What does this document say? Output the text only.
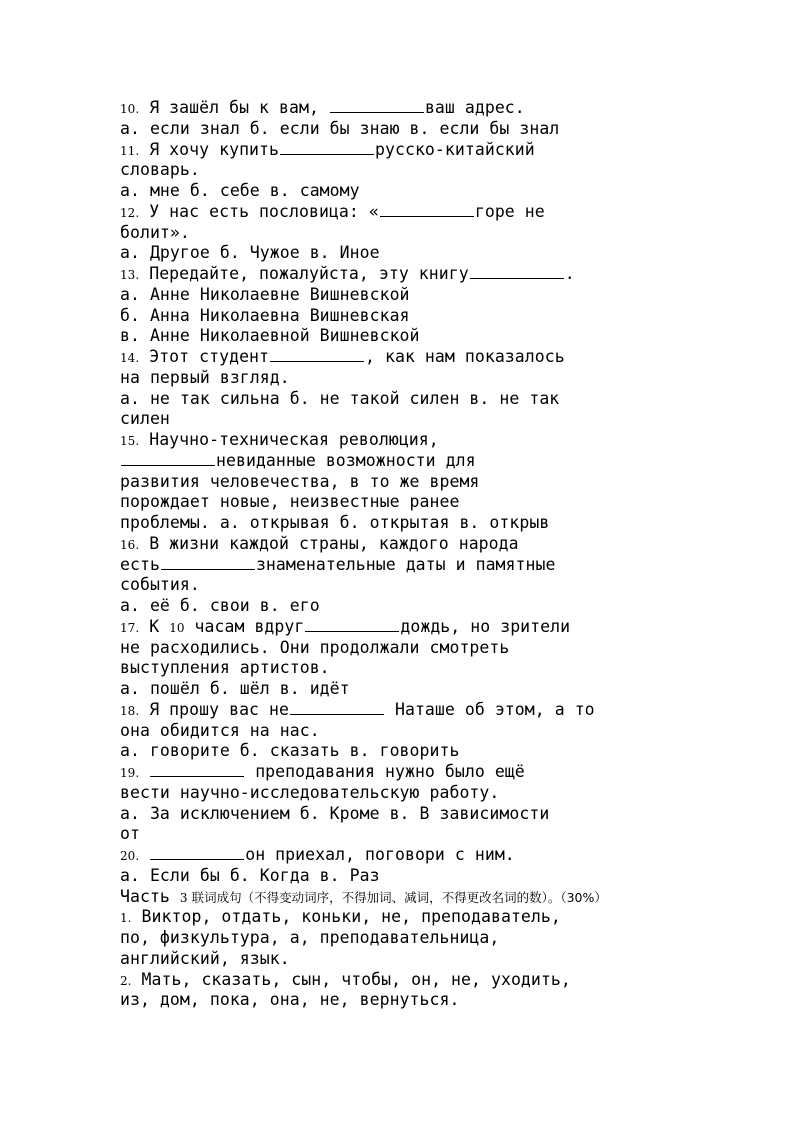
10. Я зашёл бы к вам,	ваш адрес.
а. если знал б. если бы знаю в. если бы знал
11. Я хочу купить	русско-китайский
словарь.
а. мне б. себе в. самому
12. У нас есть пословица: «	горе не
болит».
а. Другое б. Чужое в. Иное
13. Передайте, пожалуйста, эту книгу	.
а. Анне Николаевне Вишневской
б. Анна Николаевна Вишневская
в. Анне Николаевной Вишневской
14. Этот студент	, как нам показалось
на первый взгляд.
а. не так сильна б. не такой силен в. не так
силен
15. Научно-техническая революция,
невиданные возможности для
развития человечества, в то же время
порождает новые, неизвестные ранее
проблемы. а. открывая б. открытая в. открыв
16. В жизни каждой страны, каждого народа
есть	знаменательные даты и памятные
события.
а. её б. свои в. его
17. К 10 часам вдруг	дождь, но зрители
не расходились. Они продолжали смотреть
выступления артистов.
а. пошёл б. шёл в. идёт
18. Я прошу вас не	Наташе об этом, а то
она обидится на нас.
а. говорите б. сказать в. говорить
19.	преподавания нужно было ещё
вести научно-исследовательскую работу.
а. За исключением б. Кроме в. В зависимости
от
20.	он приехал, поговори с ним.
а. Если бы б. Когда в. Раз
Часть 3 联词成句（不得变动词序，不得加词、减词，不得更改名词的数）。（30%）
1. Виктор, отдать, коньки, не, преподаватель,
по, физкультура, а, преподавательница,
английский, язык.
2. Мать, сказать, сын, чтобы, он, не, уходить,
из, дом, пока, она, не, вернуться.
